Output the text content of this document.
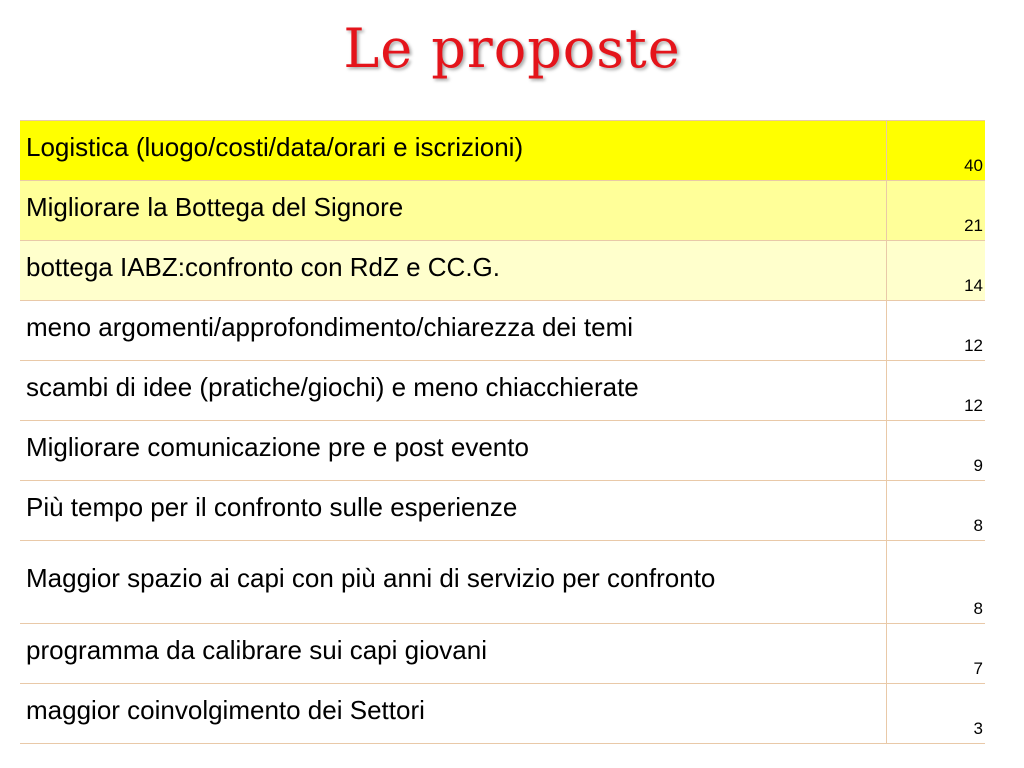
Le proposte
Logistica (luogo/costi/data/orari e iscrizioni)	40

Migliorare la Bottega del Signore	21

bottega IABZ:confronto con RdZ e CC.G.	14

meno argomenti/approfondimento/chiarezza dei temi	12

scambi di idee (pratiche/giochi) e meno chiacchierate	12

Migliorare comunicazione pre e post evento	9

Più tempo per il confronto sulle esperienze	8

Maggior spazio ai capi con più anni di servizio per confronto	8

programma da calibrare sui capi giovani	7

maggior coinvolgimento dei Settori	3
